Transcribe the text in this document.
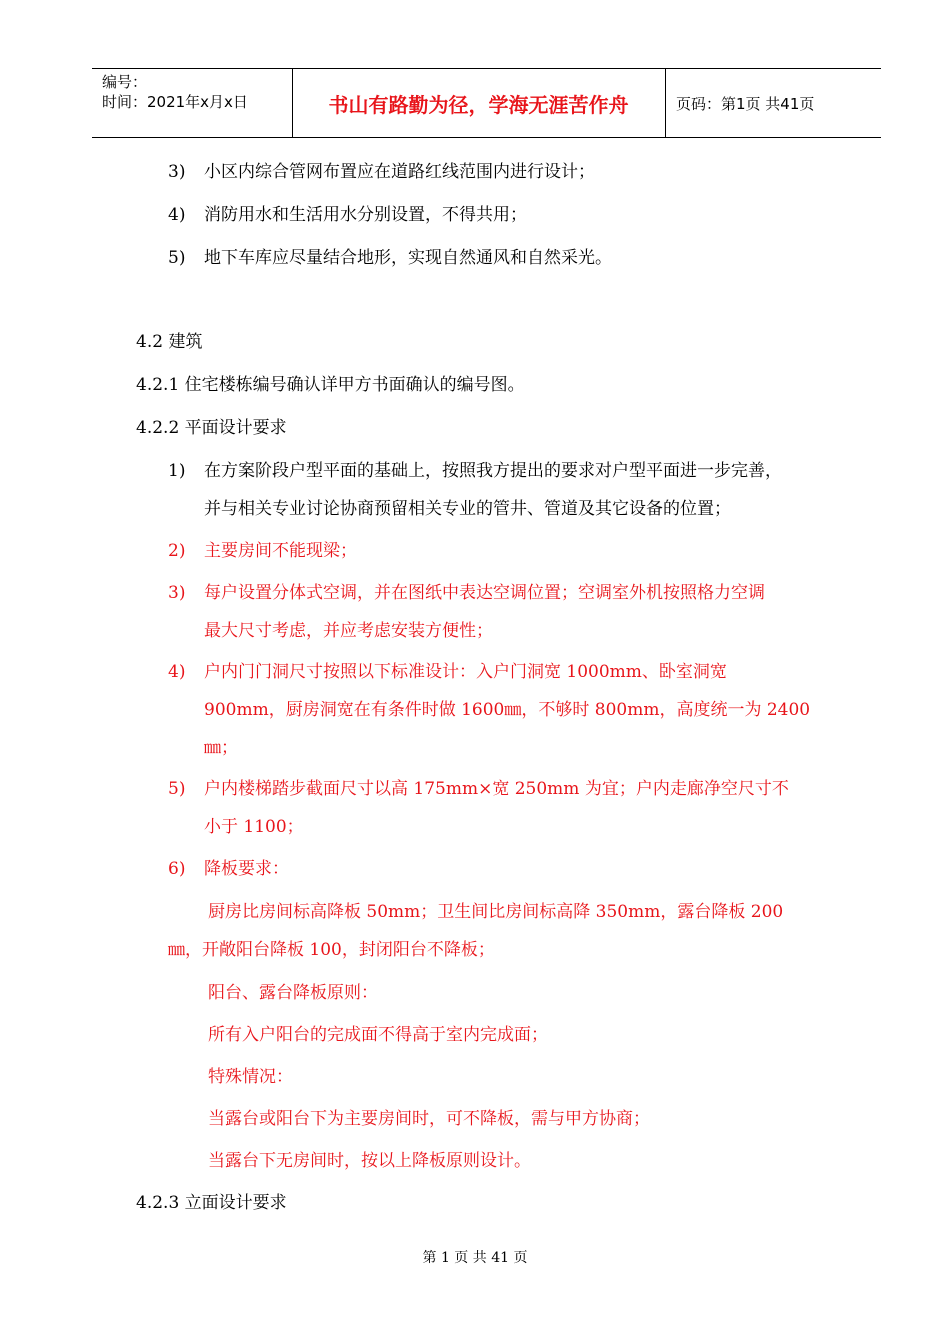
编号：
时间：2021年x月x日	书山有路勤为径，学海无涯苦作舟	页码：第1页 共41页
3) 小区内综合管网布置应在道路红线范围内进行设计；
4) 消防用水和生活用水分别设置，不得共用；
5) 地下车库应尽量结合地形，实现自然通风和自然采光。
4.2 建筑
4.2.1 住宅楼栋编号确认详甲方书面确认的编号图。
4.2.2 平面设计要求
1) 在方案阶段户型平面的基础上，按照我方提出的要求对户型平面进一步完善，
并与相关专业讨论协商预留相关专业的管井、管道及其它设备的位置；
2) 主要房间不能现梁；
3) 每户设置分体式空调，并在图纸中表达空调位置；空调室外机按照格力空调
最大尺寸考虑，并应考虑安装方便性；
4) 户内门门洞尺寸按照以下标准设计：入户门洞宽 1000mm、卧室洞宽
900mm，厨房洞宽在有条件时做 1600㎜，不够时 800mm，高度统一为 2400
㎜；
5) 户内楼梯踏步截面尺寸以高 175mm×宽 250mm 为宜；户内走廊净空尺寸不
小于 1100；
6) 降板要求：
厨房比房间标高降板 50mm；卫生间比房间标高降 350mm，露台降板 200
㎜，开敞阳台降板 100，封闭阳台不降板；
阳台、露台降板原则：
所有入户阳台的完成面不得高于室内完成面；
特殊情况：
当露台或阳台下为主要房间时，可不降板，需与甲方协商；
当露台下无房间时，按以上降板原则设计。
4.2.3 立面设计要求
第 1 页 共 41 页
